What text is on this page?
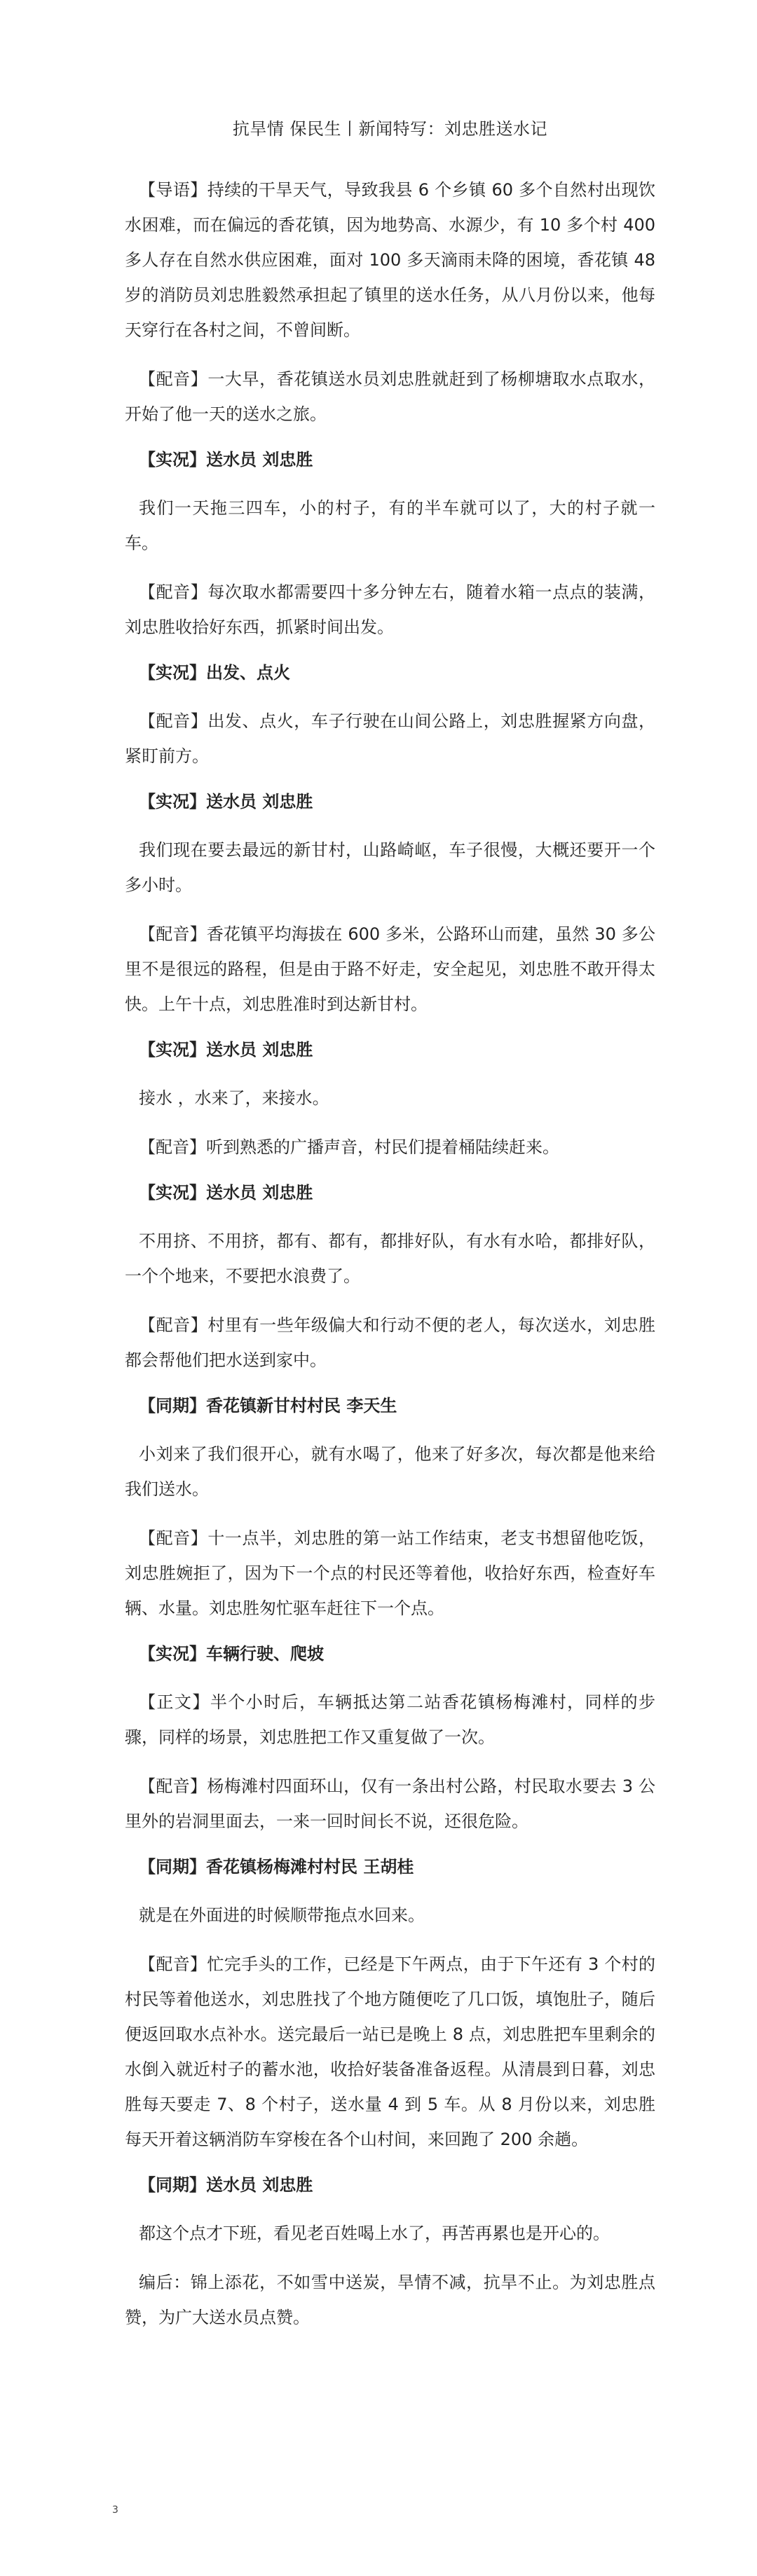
抗旱情 保民生丨新闻特写：刘忠胜送水记
【导语】持续的干旱天气，导致我县 6 个乡镇 60 多个自然村出现饮水困难，而在偏远的香花镇，因为地势高、水源少，有 10 多个村 400 多人存在自然水供应困难，面对 100 多天滴雨未降的困境，香花镇 48 岁的消防员刘忠胜毅然承担起了镇里的送水任务，从八月份以来，他每天穿行在各村之间，不曾间断。
【配音】一大早，香花镇送水员刘忠胜就赶到了杨柳塘取水点取水，开始了他一天的送水之旅。
【实况】送水员 刘忠胜
我们一天拖三四车，小的村子，有的半车就可以了，大的村子就一车。
【配音】每次取水都需要四十多分钟左右，随着水箱一点点的装满，刘忠胜收拾好东西，抓紧时间出发。
【实况】出发、点火
【配音】出发、点火，车子行驶在山间公路上，刘忠胜握紧方向盘，紧盯前方。
【实况】送水员 刘忠胜
我们现在要去最远的新甘村，山路崎岖，车子很慢，大概还要开一个多小时。
【配音】香花镇平均海拔在 600 多米，公路环山而建，虽然 30 多公里不是很远的路程，但是由于路不好走，安全起见，刘忠胜不敢开得太快。上午十点，刘忠胜准时到达新甘村。
【实况】送水员 刘忠胜
接水 ，水来了，来接水。
【配音】听到熟悉的广播声音，村民们提着桶陆续赶来。
【实况】送水员 刘忠胜
不用挤、不用挤，都有、都有，都排好队，有水有水哈，都排好队，一个个地来，不要把水浪费了。
【配音】村里有一些年级偏大和行动不便的老人，每次送水，刘忠胜都会帮他们把水送到家中。
【同期】香花镇新甘村村民 李天生
小刘来了我们很开心，就有水喝了，他来了好多次，每次都是他来给我们送水。
【配音】十一点半，刘忠胜的第一站工作结束，老支书想留他吃饭，刘忠胜婉拒了，因为下一个点的村民还等着他，收拾好东西，检查好车辆、水量。刘忠胜匆忙驱车赶往下一个点。
【实况】车辆行驶、爬坡
【正文】半个小时后，车辆抵达第二站香花镇杨梅滩村，同样的步骤，同样的场景，刘忠胜把工作又重复做了一次。
【配音】杨梅滩村四面环山，仅有一条出村公路，村民取水要去 3 公里外的岩洞里面去，一来一回时间长不说，还很危险。
【同期】香花镇杨梅滩村村民 王胡桂
就是在外面进的时候顺带拖点水回来。
【配音】忙完手头的工作，已经是下午两点，由于下午还有 3 个村的村民等着他送水，刘忠胜找了个地方随便吃了几口饭，填饱肚子，随后便返回取水点补水。送完最后一站已是晚上 8 点，刘忠胜把车里剩余的水倒入就近村子的蓄水池，收拾好装备准备返程。从清晨到日暮，刘忠胜每天要走 7、8 个村子，送水量 4 到 5 车。从 8 月份以来，刘忠胜每天开着这辆消防车穿梭在各个山村间，来回跑了 200 余趟。
【同期】送水员 刘忠胜
都这个点才下班，看见老百姓喝上水了，再苦再累也是开心的。
编后：锦上添花，不如雪中送炭，旱情不减，抗旱不止。为刘忠胜点赞，为广大送水员点赞。
3
